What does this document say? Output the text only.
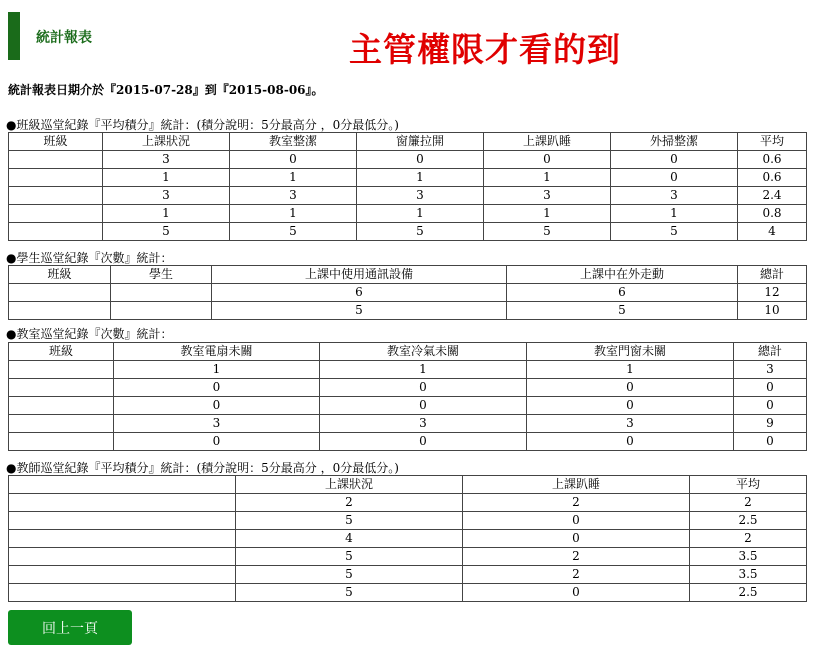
統計報表	主管權限才看的到
統計報表日期介於『2015-07-28』到『2015-08-06』。
●班級巡堂紀錄『平均積分』統計：(積分說明：5分最高分 ，0分最低分。)
班級	上課狀況	教室整潔	窗簾拉開	上課趴睡	外掃整潔	平均
	3	0	0	0	0	0.6
	1	1	1	1	0	0.6
	3	3	3	3	3	2.4
	1	1	1	1	1	0.8
	5	5	5	5	5	4
●學生巡堂紀錄『次數』統計：
班級	學生	上課中使用通訊設備	上課中在外走動	總計
		6	6	12
		5	5	10
●教室巡堂紀錄『次數』統計：
班級	教室電扇未關	教室冷氣未關	教室門窗未關	總計
	1	1	1	3
	0	0	0	0
	0	0	0	0
	3	3	3	9
	0	0	0	0
●教師巡堂紀錄『平均積分』統計：(積分說明：5分最高分 ，0分最低分。)
	上課狀況	上課趴睡	平均
	2	2	2
	5	0	2.5
	4	0	2
	5	2	3.5
	5	2	3.5
	5	0	2.5
回上一頁
